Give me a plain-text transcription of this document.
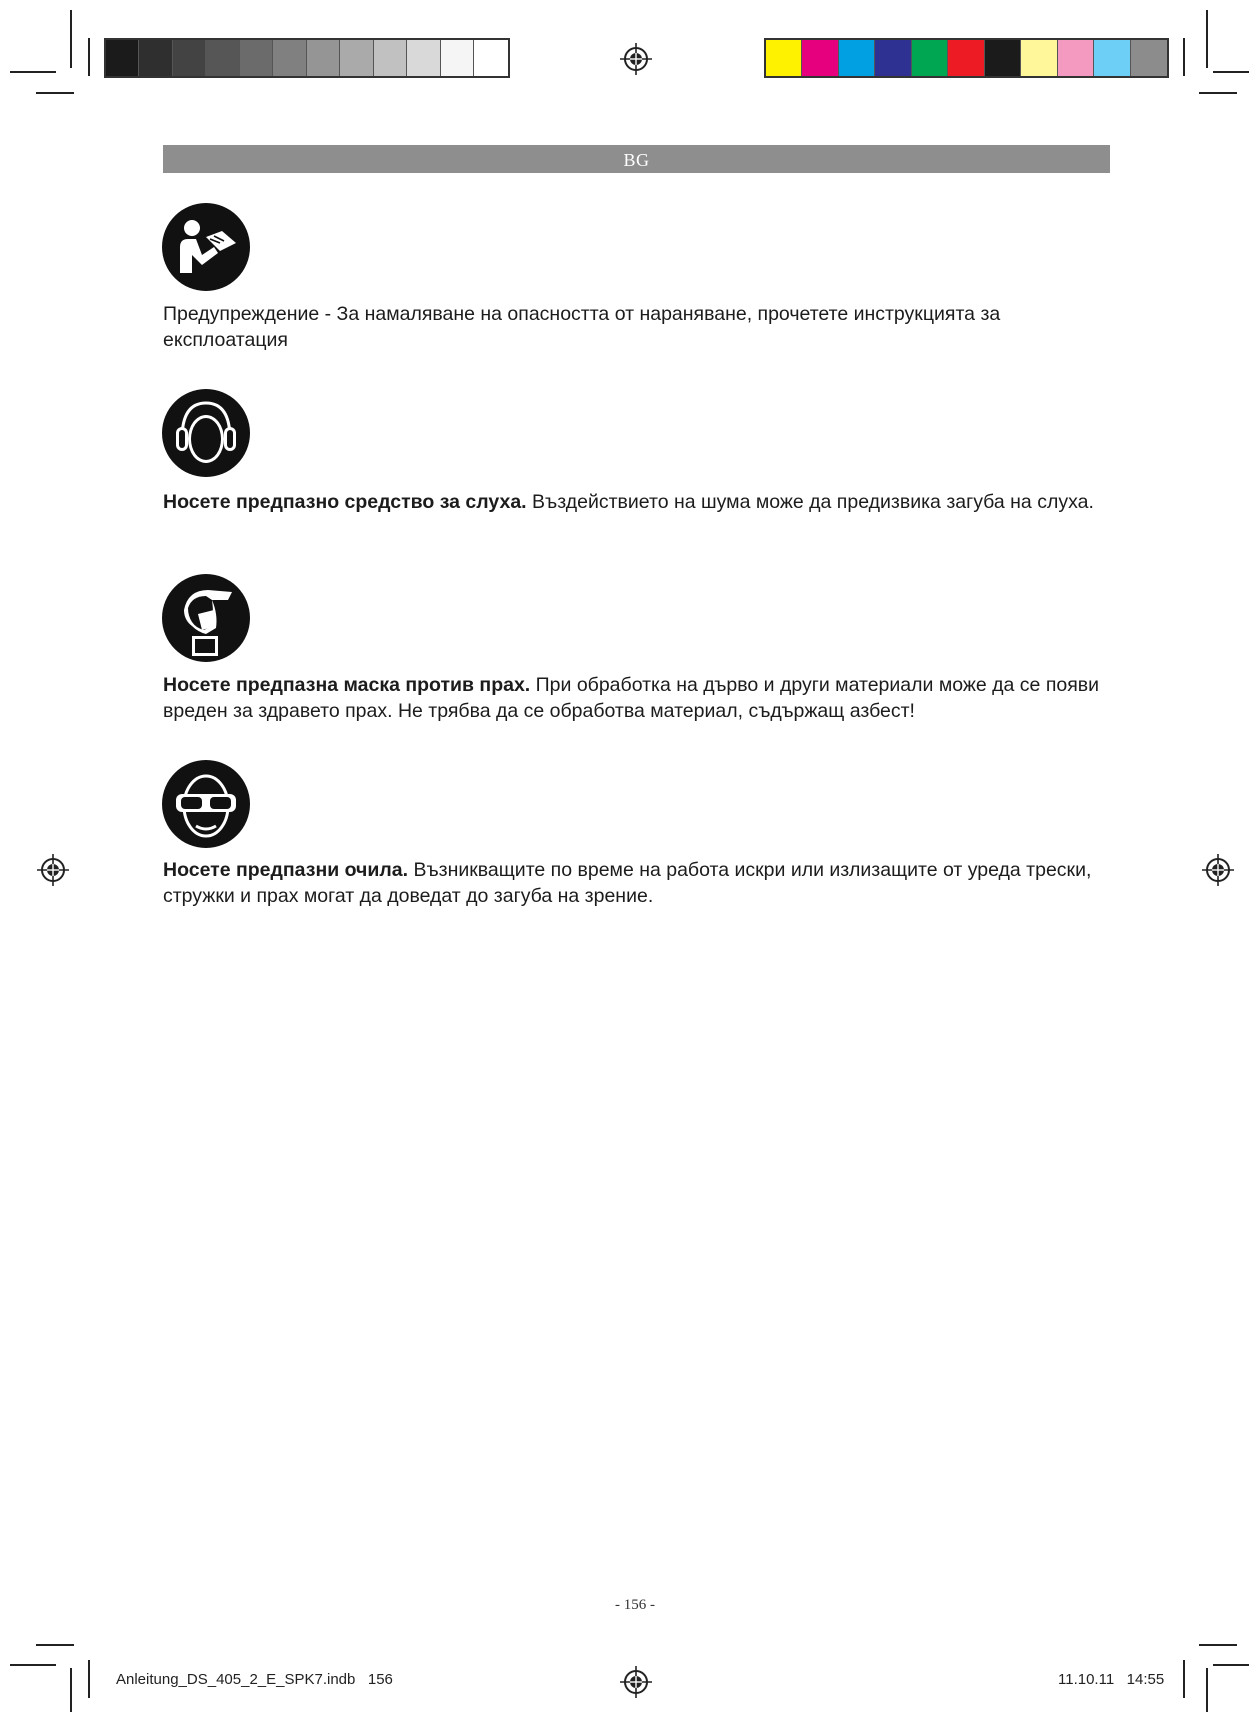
BG
Предупреждение - За намаляване на опасността от нараняване, прочетете инструкцията за експлоатация
Носете предпазно средство за слуха. Въздействието на шума може да предизвика загуба на слуха.
Носете предпазна маска против прах. При обработка на дърво и други материали може да се появи вреден за здравето прах. Не трябва да се обработва материал, съдържащ азбест!
Носете предпазни очила. Възникващите по време на работа искри или излизащите от уреда трески, стружки и прах могат да доведат до загуба на зрение.
- 156 -
Anleitung_DS_405_2_E_SPK7.indb   156	11.10.11   14:55
